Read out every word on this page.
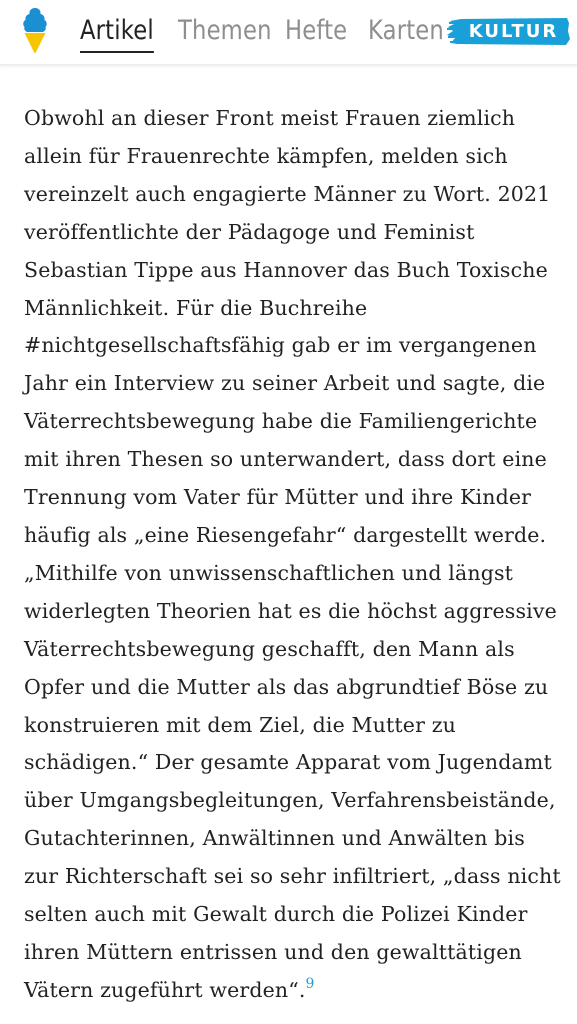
Artikel Themen Hefte Karten	KULTUR
Obwohl an dieser Front meist Frauen ziemlich
allein für Frauenrechte kämpfen, melden sich
vereinzelt auch engagierte Männer zu Wort. 2021
veröffentlichte der Pädagoge und Feminist
Sebastian Tippe aus Hannover das Buch Toxische
Männlichkeit. Für die Buchreihe
#nichtgesellschaftsfähig gab er im vergangenen
Jahr ein Interview zu seiner Arbeit und sagte, die
Väterrechtsbewegung habe die Familiengerichte
mit ihren Thesen so unterwandert, dass dort eine
Trennung vom Vater für Mütter und ihre Kinder
häufig als „eine Riesengefahr“ dargestellt werde.
„Mithilfe von unwissenschaftlichen und längst
widerlegten Theorien hat es die höchst aggressive
Väterrechtsbewegung geschafft, den Mann als
Opfer und die Mutter als das abgrundtief Böse zu
konstruieren mit dem Ziel, die Mutter zu
schädigen.“ Der gesamte Apparat vom Jugendamt
über Umgangsbegleitungen, Verfahrensbeistände,
Gutachterinnen, Anwältinnen und Anwälten bis
zur Richterschaft sei so sehr infiltriert, „dass nicht
selten auch mit Gewalt durch die Polizei Kinder
ihren Müttern entrissen und den gewalttätigen
Vätern zugeführt werden“.$^9$
